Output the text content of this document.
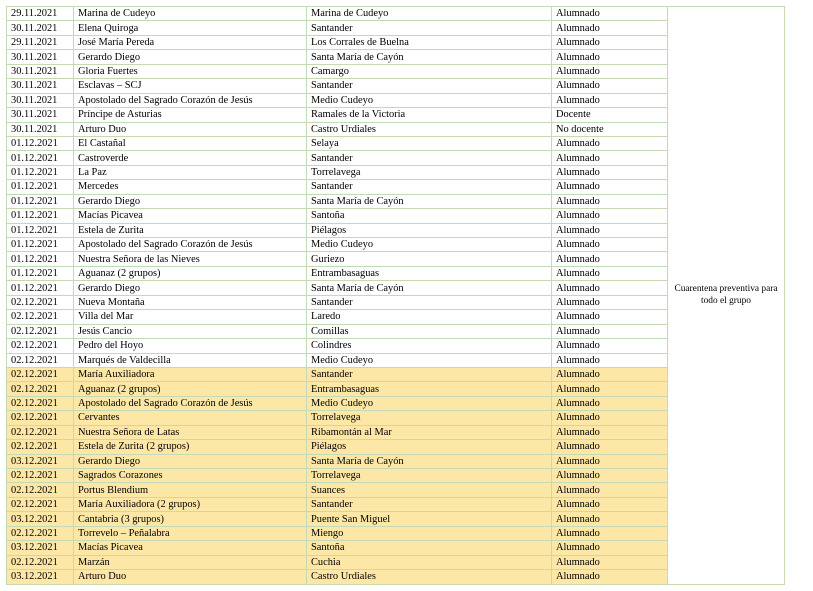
29.11.2021	Marina de Cudeyo	Marina de Cudeyo	Alumnado	Cuarentena preventiva para todo el grupo
30.11.2021	Elena Quiroga	Santander	Alumnado	
29.11.2021	José María Pereda	Los Corrales de Buelna	Alumnado	
30.11.2021	Gerardo Diego	Santa María de Cayón	Alumnado	
30.11.2021	Gloria Fuertes	Camargo	Alumnado	
30.11.2021	Esclavas – SCJ	Santander	Alumnado	
30.11.2021	Apostolado del Sagrado Corazón de Jesús	Medio Cudeyo	Alumnado	
30.11.2021	Príncipe de Asturias	Ramales de la Victoria	Docente	
30.11.2021	Arturo Duo	Castro Urdiales	No docente	
01.12.2021	El Castañal	Selaya	Alumnado	
01.12.2021	Castroverde	Santander	Alumnado	
01.12.2021	La Paz	Torrelavega	Alumnado	
01.12.2021	Mercedes	Santander	Alumnado	
01.12.2021	Gerardo Diego	Santa María de Cayón	Alumnado	
01.12.2021	Macías Picavea	Santoña	Alumnado	
01.12.2021	Estela de Zurita	Piélagos	Alumnado	
01.12.2021	Apostolado del Sagrado Corazón de Jesús	Medio Cudeyo	Alumnado	
01.12.2021	Nuestra Señora de las Nieves	Guriezo	Alumnado	
01.12.2021	Aguanaz (2 grupos)	Entrambasaguas	Alumnado	
01.12.2021	Gerardo Diego	Santa María de Cayón	Alumnado	
02.12.2021	Nueva Montaña	Santander	Alumnado	
02.12.2021	Villa del Mar	Laredo	Alumnado	
02.12.2021	Jesús Cancio	Comillas	Alumnado	
02.12.2021	Pedro del Hoyo	Colindres	Alumnado	
02.12.2021	Marqués de Valdecilla	Medio Cudeyo	Alumnado	
02.12.2021	María Auxiliadora	Santander	Alumnado	
02.12.2021	Aguanaz (2 grupos)	Entrambasaguas	Alumnado	
02.12.2021	Apostolado del Sagrado Corazón de Jesús	Medio Cudeyo	Alumnado	
02.12.2021	Cervantes	Torrelavega	Alumnado	
02.12.2021	Nuestra Señora de Latas	Ribamontán al Mar	Alumnado	
02.12.2021	Estela de Zurita (2 grupos)	Piélagos	Alumnado	
03.12.2021	Gerardo Diego	Santa María de Cayón	Alumnado	
02.12.2021	Sagrados Corazones	Torrelavega	Alumnado	
02.12.2021	Portus Blendium	Suances	Alumnado	
02.12.2021	María Auxiliadora (2 grupos)	Santander	Alumnado	
03.12.2021	Cantabria (3 grupos)	Puente San Miguel	Alumnado	
02.12.2021	Torrevelo – Peñalabra	Miengo	Alumnado	
03.12.2021	Macías Picavea	Santoña	Alumnado	
02.12.2021	Marzán	Cuchia	Alumnado	
03.12.2021	Arturo Duo	Castro Urdiales	Alumnado	
